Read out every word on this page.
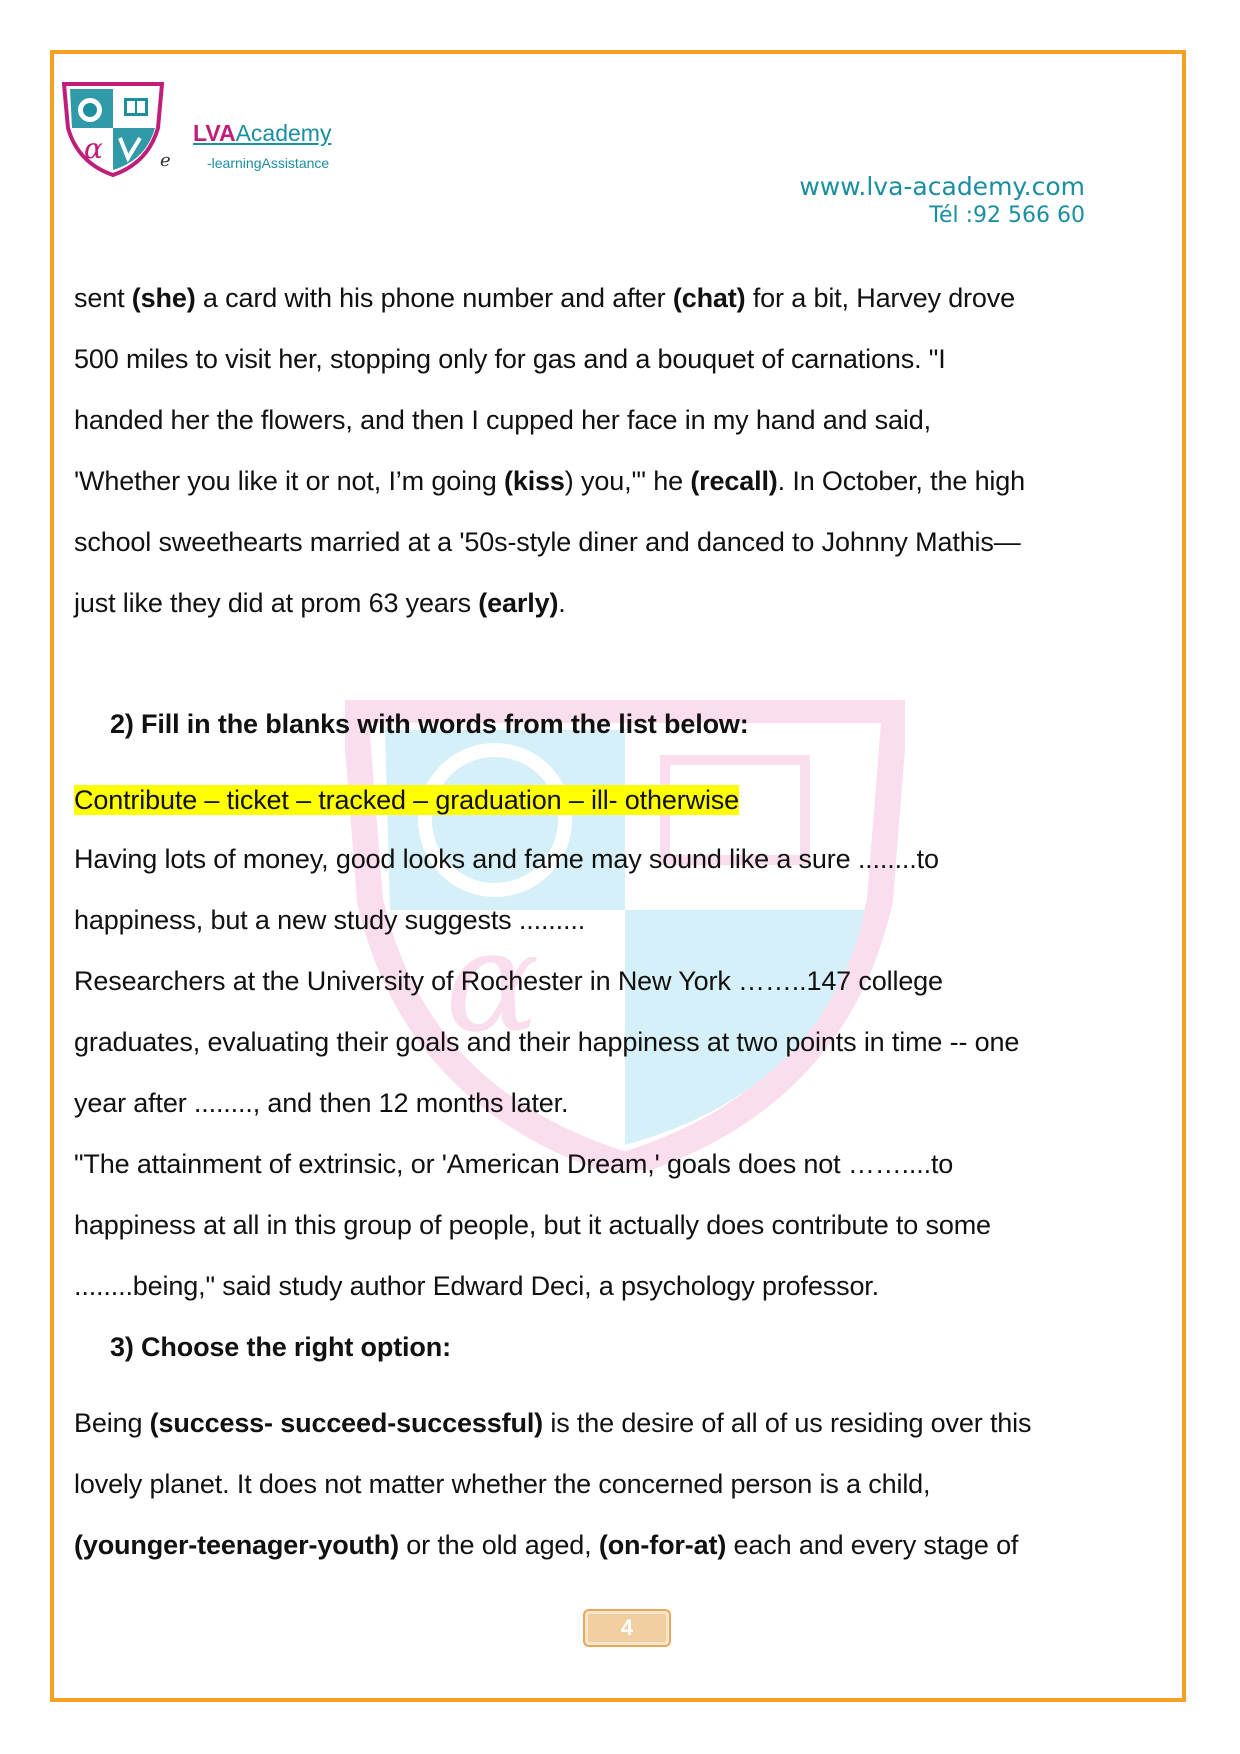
α	e
LVAAcademy
-learningAssistance
www.lva-academy.com
Tél :92 566 60
α
sent (she) a card with his phone number and after (chat) for a bit, Harvey drove
500 miles to visit her, stopping only for gas and a bouquet of carnations. "I
handed her the flowers, and then I cupped her face in my hand and said,
'Whether you like it or not, I’m going (kiss) you,'" he (recall). In October, the high
school sweethearts married at a '50s-style diner and danced to Johnny Mathis—
just like they did at prom 63 years (early).
2) Fill in the blanks with words from the list below:
Contribute – ticket – tracked – graduation – ill- otherwise
Having lots of money, good looks and fame may sound like a sure ........to
happiness, but a new study suggests .........
Researchers at the University of Rochester in New York ……..147 college
graduates, evaluating their goals and their happiness at two points in time -- one
year after ........, and then 12 months later.
"The attainment of extrinsic, or 'American Dream,' goals does not ……....to
happiness at all in this group of people, but it actually does contribute to some
........being," said study author Edward Deci, a psychology professor.
3) Choose the right option:
Being (success- succeed-successful) is the desire of all of us residing over this
lovely planet. It does not matter whether the concerned person is a child,
(younger-teenager-youth) or the old aged, (on-for-at) each and every stage of
4
